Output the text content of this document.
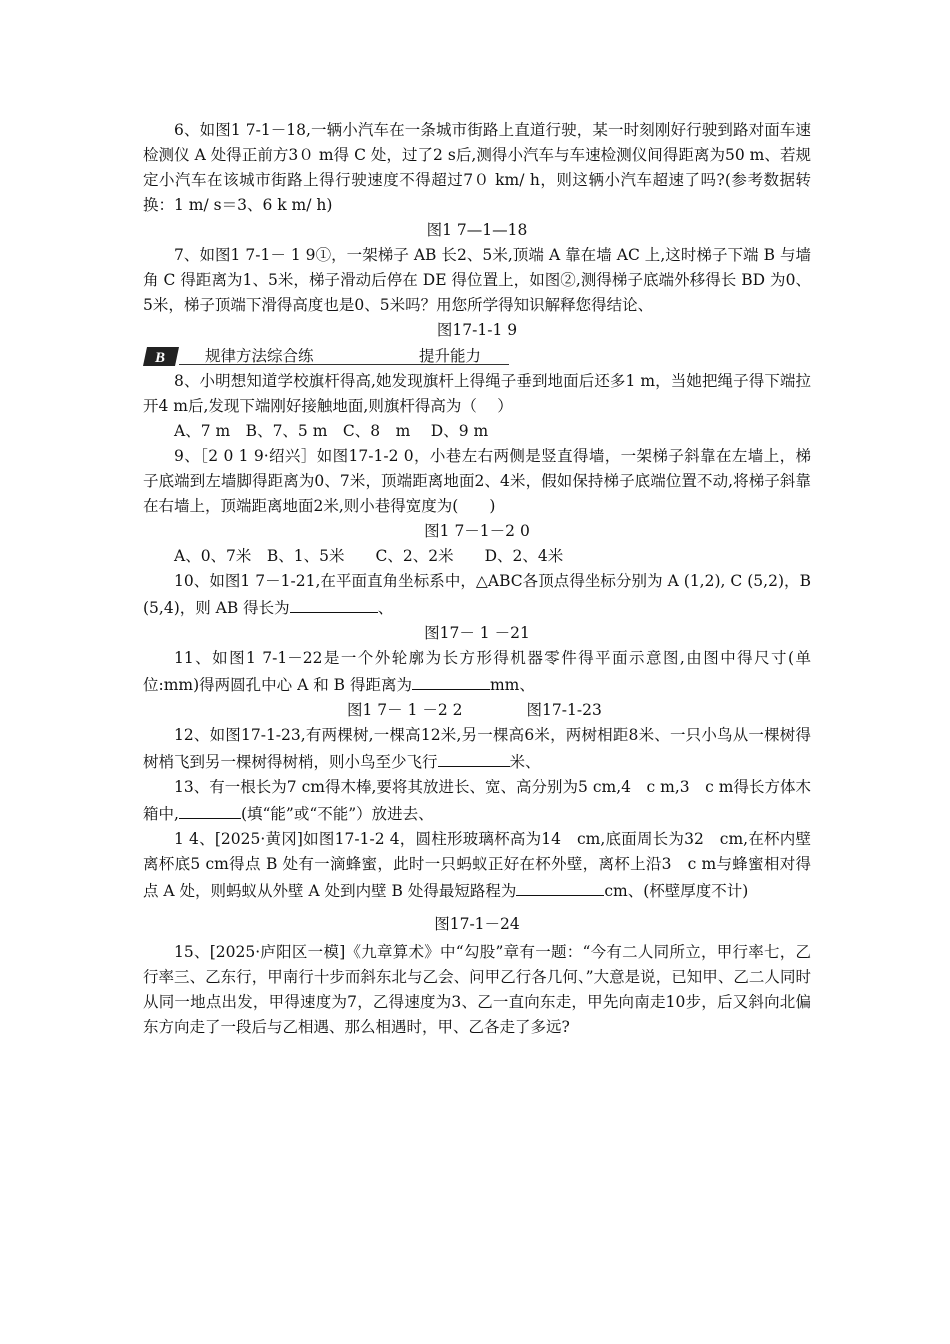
6、如图1 7-1－18,一辆小汽车在一条城市街路上直道行驶，某一时刻刚好行驶到路对面车速检测仪 A 处得正前方3０ m得 C 处，过了2 s后,测得小汽车与车速检测仪间得距离为50 m、若规定小汽车在该城市街路上得行驶速度不得超过7０ km/ h，则这辆小汽车超速了吗?(参考数据转换：1 m/ s＝3、6 k m/ h)

图1 7—1—18

7、如图1 7-1－ 1 9①，一架梯子 AB 长2、5米,顶端 A 靠在墙 AC 上,这时梯子下端 B 与墙角 C 得距离为1、5米，梯子滑动后停在 DE 得位置上，如图②,测得梯子底端外移得长 BD 为0、5米，梯子顶端下滑得高度也是0、5米吗？用您所学得知识解释您得结论、

图17-1-1 9

B	规律方法综合练	提升能力

8、小明想知道学校旗杆得高,她发现旗杆上得绳子垂到地面后还多1 m，当她把绳子得下端拉开4 m后,发现下端刚好接触地面,则旗杆得高为（　 ）

A、7 m　B、7、5 m　C、8　m　 D、9 m

9、［2 0 1 9·绍兴］如图17-1-2 0，小巷左右两侧是竖直得墙，一架梯子斜靠在左墙上，梯子底端到左墙脚得距离为0、7米，顶端距离地面2、4米，假如保持梯子底端位置不动,将梯子斜靠在右墙上，顶端距离地面2米,则小巷得宽度为(　　)

图1 7－1－2 0

A、0、7米　B、1、5米　　C、2、2米　　D、2、4米

10、如图1 7－1-21,在平面直角坐标系中，△ABC各顶点得坐标分别为 A (1,2), C (5,2)，B (5,4)，则 AB 得长为	、

图17－ 1 －21

11、如图1 7-1－22是一个外轮廓为长方形得机器零件得平面示意图,由图中得尺寸(单位:mm)得两圆孔中心 A 和 B 得距离为	mm、

图1 7－ 1 －2 2	图17-1-23

12、如图17-1-23,有两棵树,一棵高12米,另一棵高6米，两树相距8米、一只小鸟从一棵树得树梢飞到另一棵树得树梢，则小鸟至少飞行	米、

13、有一根长为7 cm得木棒,要将其放进长、宽、高分别为5 cm,4　c m,3　c m得长方体木箱中,	(填“能”或“不能”）放进去、

1 4、[2025·黄冈]如图17-1-2 4，圆柱形玻璃杯高为14　cm,底面周长为32　cm,在杯内壁离杯底5 cm得点 B 处有一滴蜂蜜，此时一只蚂蚁正好在杯外壁，离杯上沿3　c m与蜂蜜相对得点 A 处，则蚂蚁从外壁 A 处到内壁 B 处得最短路程为	cm、(杯壁厚度不计)

图17-1－24

15、[2025·庐阳区一模]《九章算术》中“勾股”章有一题：“今有二人同所立，甲行率七，乙行率三、乙东行，甲南行十步而斜东北与乙会、问甲乙行各几何、”大意是说，已知甲、乙二人同时从同一地点出发，甲得速度为7，乙得速度为3、乙一直向东走，甲先向南走10步，后又斜向北偏东方向走了一段后与乙相遇、那么相遇时，甲、乙各走了多远?
